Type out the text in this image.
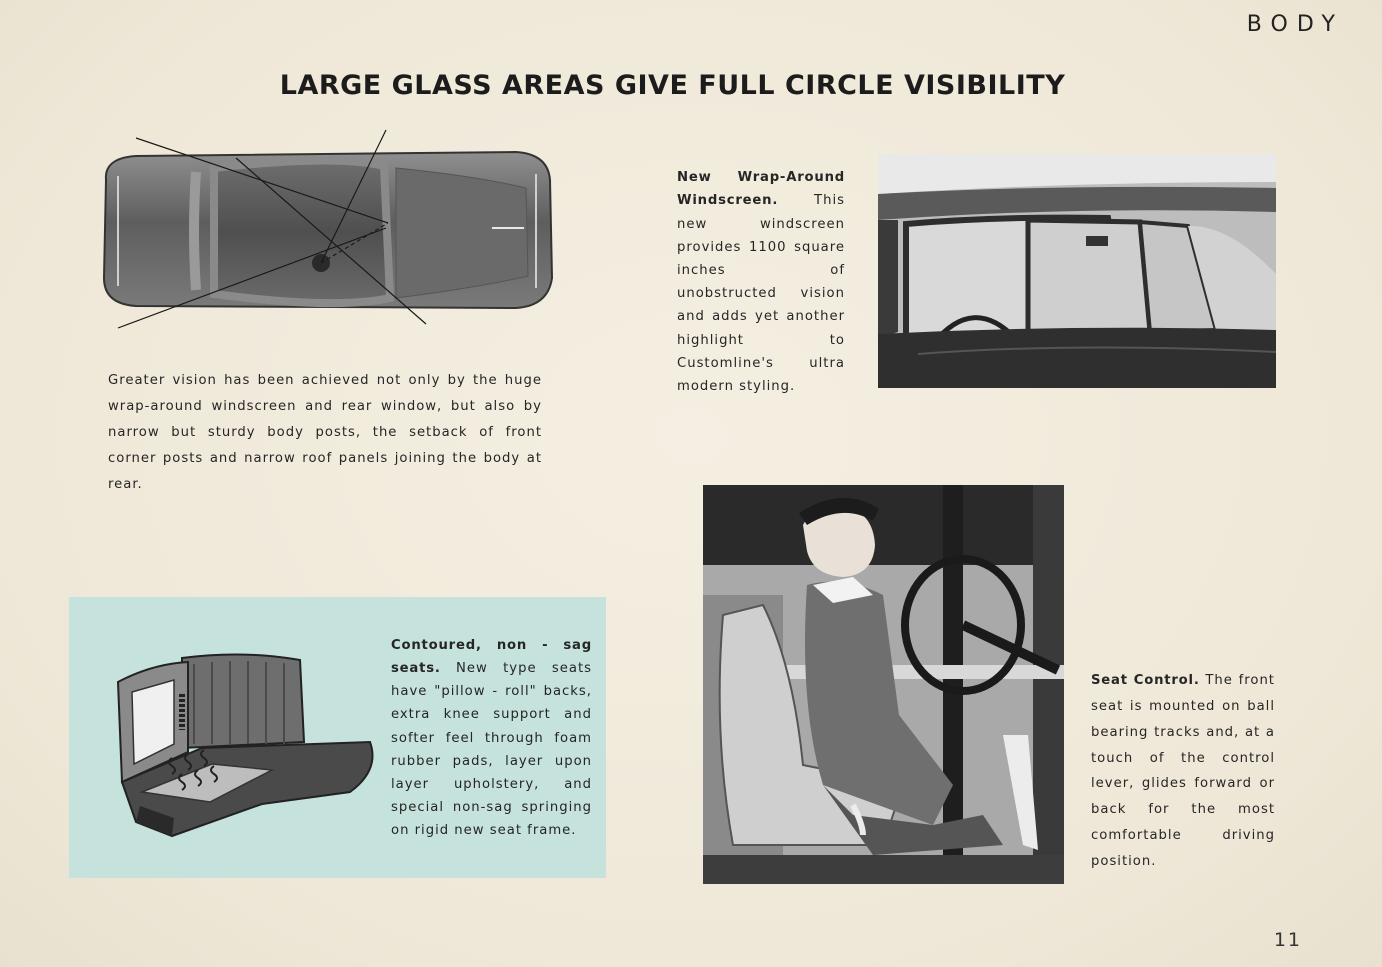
BODY
LARGE GLASS AREAS GIVE FULL CIRCLE VISIBILITY

Greater vision has been achieved not only by the huge wrap-around windscreen and rear window, but also by narrow but sturdy body posts, the setback of front corner posts and narrow roof panels joining the body at rear.

New Wrap-Around Windscreen.	This new windscreen provides 1100 square inches of unobstructed vision and adds yet another highlight to Customline's ultra modern styling.

Contoured, non - sag seats. New type seats have "pillow - roll" backs, extra knee support and softer feel through foam rubber pads, layer upon layer upholstery, and special non-sag springing on rigid new seat frame.

Seat Control. The front seat is mounted on ball bearing tracks and, at a touch of the control lever, glides forward or back for the most comfortable driving position.

11
